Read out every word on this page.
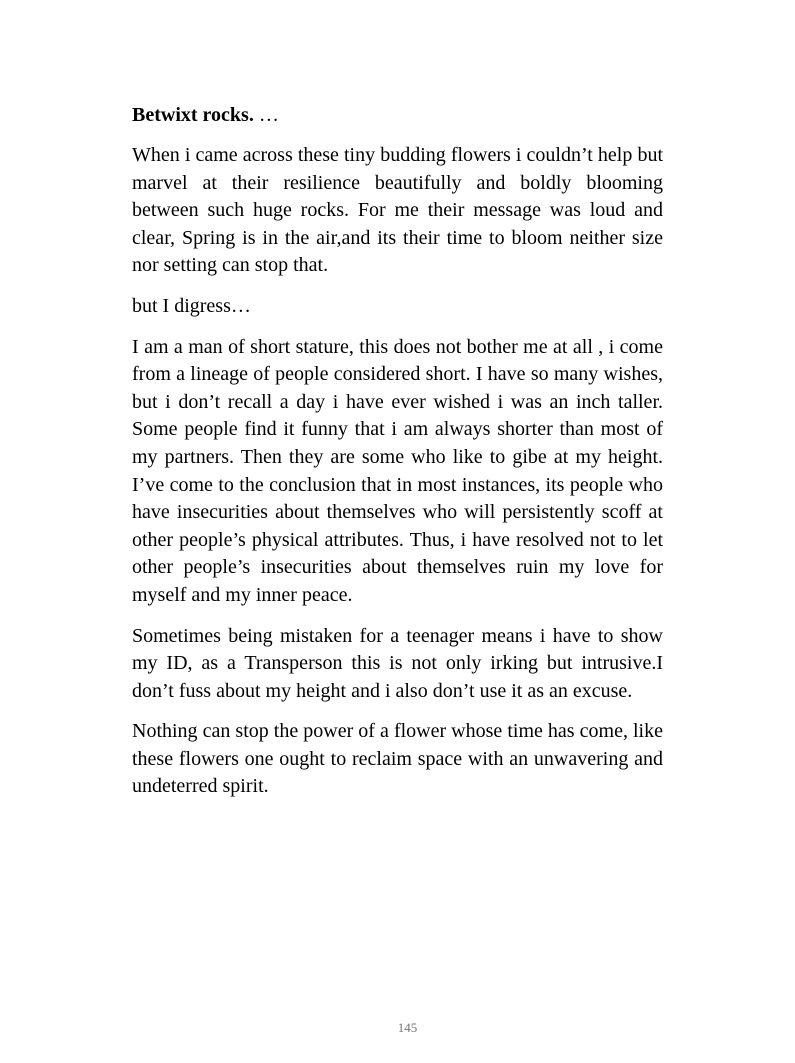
Betwixt rocks. …

When i came across these tiny budding flowers i couldn’t help but marvel at their resilience beautifully and boldly blooming between such huge rocks. For me their message was loud and clear, Spring is in the air,and its their time to bloom neither size nor setting can stop that.

but I digress…

I am a man of short stature, this does not bother me at all , i come from a lineage of people considered short. I have so many wishes, but i don’t recall a day i have ever wished i was an inch taller. Some people find it funny that i am always shorter than most of my partners. Then they are some who like to gibe at my height. I’ve come to the conclusion that in most instances, its people who have insecurities about themselves who will persistently scoff at other people’s physical attributes. Thus, i have resolved not to let other people’s insecurities about themselves ruin my love for myself and my inner peace.

Sometimes being mistaken for a teenager means i have to show my ID, as a Transperson this is not only irking but intrusive.I don’t fuss about my height and i also don’t use it as an excuse.

Nothing can stop the power of a flower whose time has come, like these flowers one ought to reclaim space with an unwavering and undeterred spirit.

145
